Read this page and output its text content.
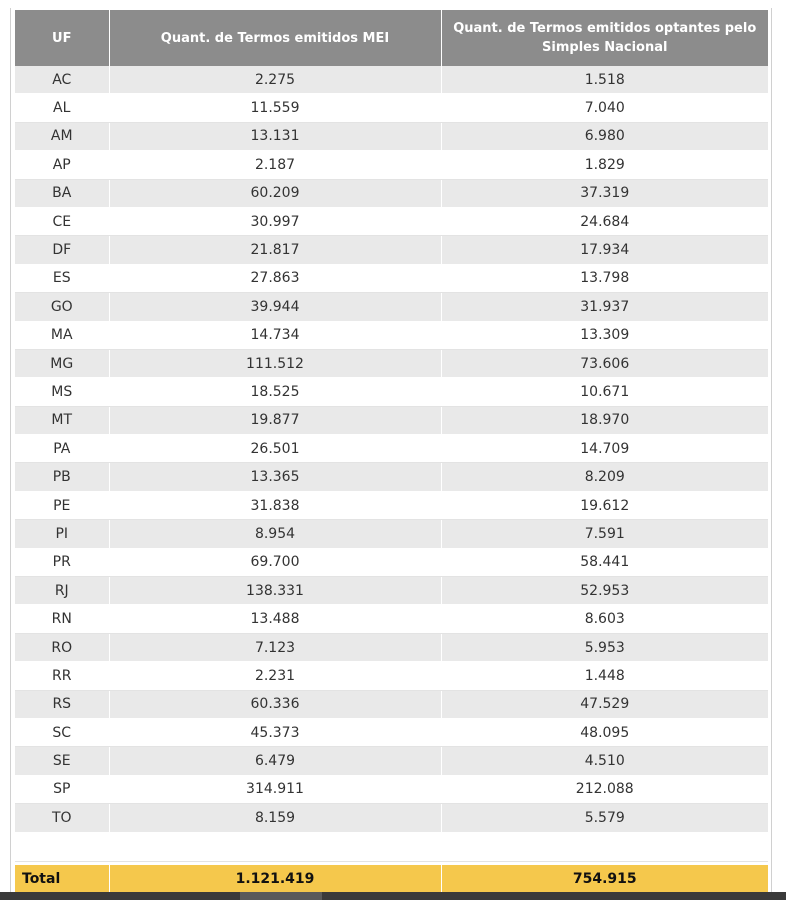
UF	Quant. de Termos emitidos MEI	Quant. de Termos emitidos optantes pelo Simples Nacional
AC	2.275	1.518
AL	11.559	7.040
AM	13.131	6.980
AP	2.187	1.829
BA	60.209	37.319
CE	30.997	24.684
DF	21.817	17.934
ES	27.863	13.798
GO	39.944	31.937
MA	14.734	13.309
MG	111.512	73.606
MS	18.525	10.671
MT	19.877	18.970
PA	26.501	14.709
PB	13.365	8.209
PE	31.838	19.612
PI	8.954	7.591
PR	69.700	58.441
RJ	138.331	52.953
RN	13.488	8.603
RO	7.123	5.953
RR	2.231	1.448
RS	60.336	47.529
SC	45.373	48.095
SE	6.479	4.510
SP	314.911	212.088
TO	8.159	5.579

Total	1.121.419	754.915
